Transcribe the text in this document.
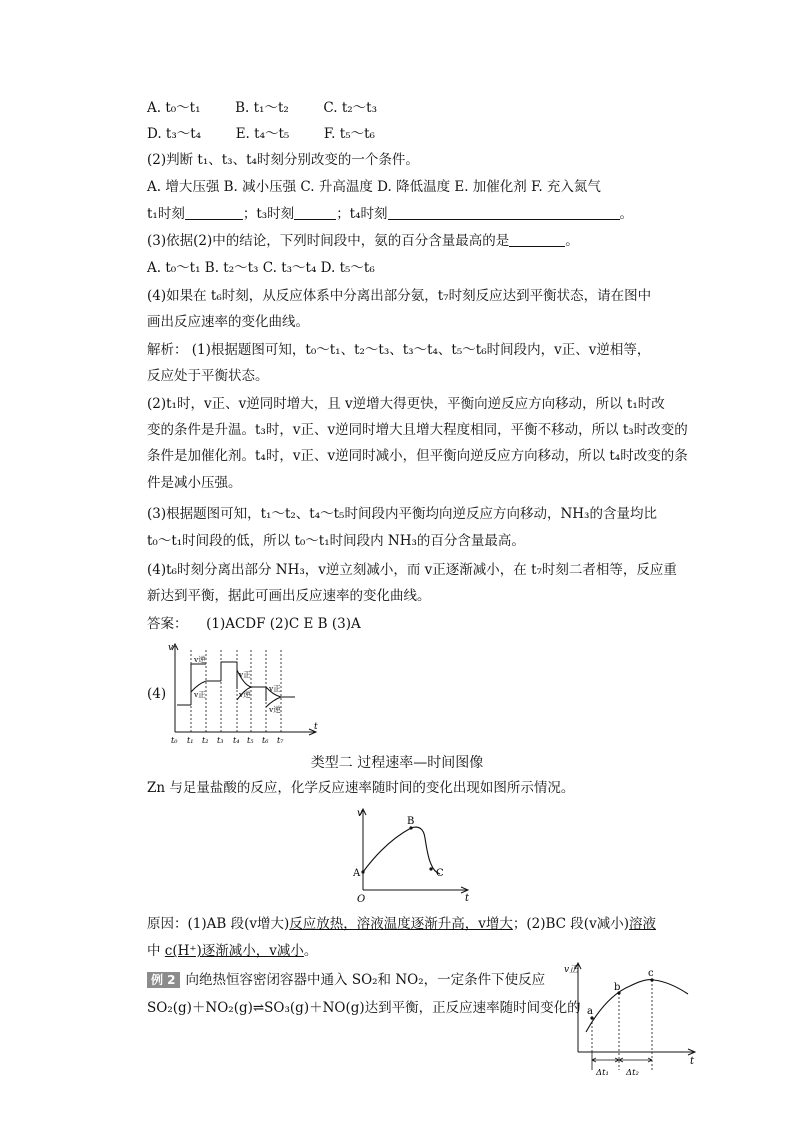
A. t₀～t₁	B. t₁～t₂	C. t₂～t₃
D. t₃～t₄	E. t₄～t₅	F. t₅～t₆
(2)判断 t₁、t₃、t₄时刻分别改变的一个条件。
A. 增大压强 B. 减小压强 C. 升高温度 D. 降低温度 E. 加催化剂 F. 充入氮气
t₁时刻	；t₃时刻	；t₄时刻	。
(3)依据(2)中的结论，下列时间段中，氨的百分含量最高的是	。
A. t₀～t₁ B. t₂～t₃ C. t₃～t₄ D. t₅～t₆
(4)如果在 t₆时刻，从反应体系中分离出部分氨，t₇时刻反应达到平衡状态，请在图中
画出反应速率的变化曲线。
解析： (1)根据题图可知，t₀～t₁、t₂～t₃、t₃～t₄、t₅～t₆时间段内，v正、v逆相等，
反应处于平衡状态。
(2)t₁时，v正、v逆同时增大，且 v逆增大得更快，平衡向逆反应方向移动，所以 t₁时改
变的条件是升温。t₃时，v正、v逆同时增大且增大程度相同，平衡不移动，所以 t₃时改变的
条件是加催化剂。t₄时，v正、v逆同时减小，但平衡向逆反应方向移动，所以 t₄时改变的条
件是减小压强。
(3)根据题图可知，t₁～t₂、t₄～t₅时间段内平衡均向逆反应方向移动，NH₃的含量均比
t₀～t₁时间段的低，所以 t₀～t₁时间段内 NH₃的百分含量最高。
(4)t₆时刻分离出部分 NH₃，v逆立刻减小，而 v正逐渐减小，在 t₇时刻二者相等，反应重
新达到平衡，据此可画出反应速率的变化曲线。
答案： (1)ACDF (2)C E B (3)A
(4)
v
t
v逆
v正
v正
v逆
v正
v逆
t₀ t₁ t₂ t₃ t₄ t₅ t₆ t₇
类型二 过程速率—时间图像
Zn 与足量盐酸的反应，化学反应速率随时间的变化出现如图所示情况。
v
t
O
A
B
C
原因：(1)AB 段(v增大)反应放热，溶液温度逐渐升高，v增大；(2)BC 段(v减小)溶液
中 c(H⁺)逐渐减小，v减小。
例 2 向绝热恒容密闭容器中通入 SO₂和 NO₂，一定条件下使反应
SO₂(g)＋NO₂(g)⇌SO₃(g)＋NO(g)达到平衡，正反应速率随时间变化的
v正
t
a
b
c
Δt₁ Δt₂
